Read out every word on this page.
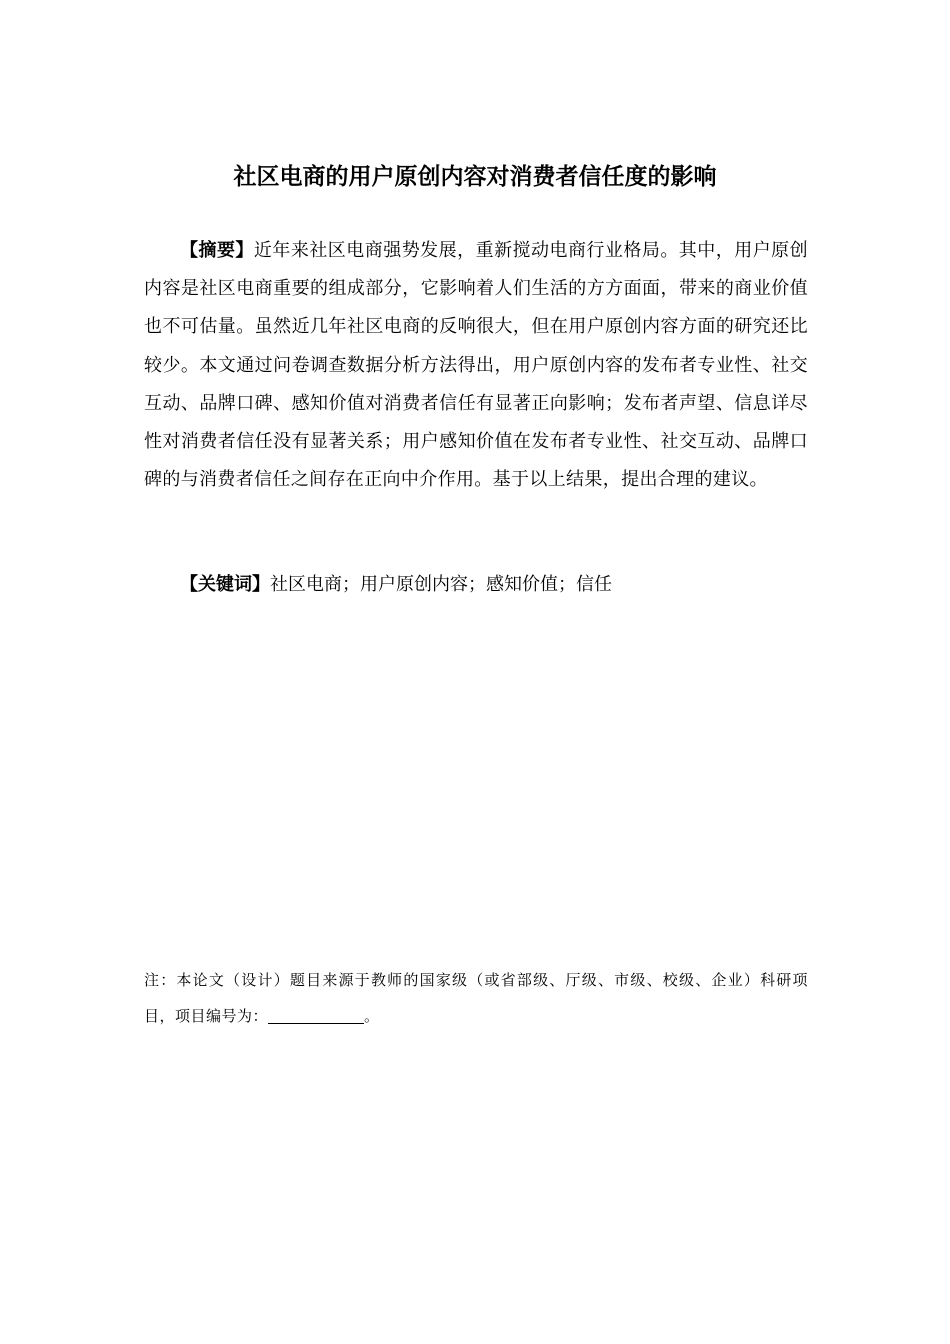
社区电商的用户原创内容对消费者信任度的影响

【摘要】近年来社区电商强势发展，重新搅动电商行业格局。其中，用户原创内容是社区电商重要的组成部分，它影响着人们生活的方方面面，带来的商业价值也不可估量。虽然近几年社区电商的反响很大，但在用户原创内容方面的研究还比较少。本文通过问卷调查数据分析方法得出，用户原创内容的发布者专业性、社交互动、品牌口碑、感知价值对消费者信任有显著正向影响；发布者声望、信息详尽性对消费者信任没有显著关系；用户感知价值在发布者专业性、社交互动、品牌口碑的与消费者信任之间存在正向中介作用。基于以上结果，提出合理的建议。

【关键词】社区电商；用户原创内容；感知价值；信任

注：本论文（设计）题目来源于教师的国家级（或省部级、厅级、市级、校级、企业）科研项目，项目编号为：	。
